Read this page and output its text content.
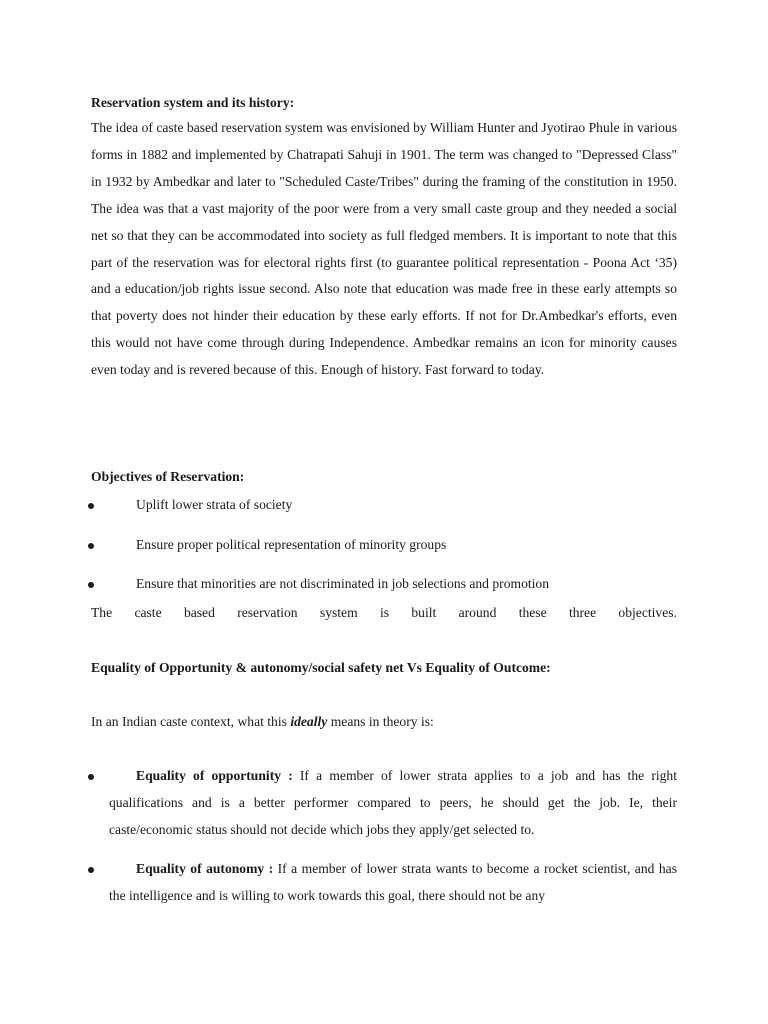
Reservation system and its history:

The idea of caste based reservation system was envisioned by William Hunter and Jyotirao Phule in various forms in 1882 and implemented by Chatrapati Sahuji in 1901. The term was changed to "Depressed Class" in 1932 by Ambedkar and later to "Scheduled Caste/Tribes" during the framing of the constitution in 1950. The idea was that a vast majority of the poor were from a very small caste group and they needed a social net so that they can be accommodated into society as full fledged members. It is important to note that this part of the reservation was for electoral rights first (to guarantee political representation - Poona Act ‘35) and a education/job rights issue second. Also note that education was made free in these early attempts so that poverty does not hinder their education by these early efforts. If not for Dr.Ambedkar's efforts, even this would not have come through during Independence. Ambedkar remains an icon for minority causes even today and is revered because of this. Enough of history. Fast forward to today.

Objectives of Reservation:
Uplift lower strata of society
Ensure proper political representation of minority groups
Ensure that minorities are not discriminated in job selections and promotion
The caste based reservation system is built around these three objectives.
Equality of Opportunity & autonomy/social safety net Vs Equality of Outcome:
In an Indian caste context, what this ideally means in theory is:

Equality of opportunity : If a member of lower strata applies to a job and has the right qualifications and is a better performer compared to peers, he should get the job. Ie, their caste/economic status should not decide which jobs they apply/get selected to.

Equality of autonomy : If a member of lower strata wants to become a rocket scientist, and has the intelligence and is willing to work towards this goal, there should not be any
